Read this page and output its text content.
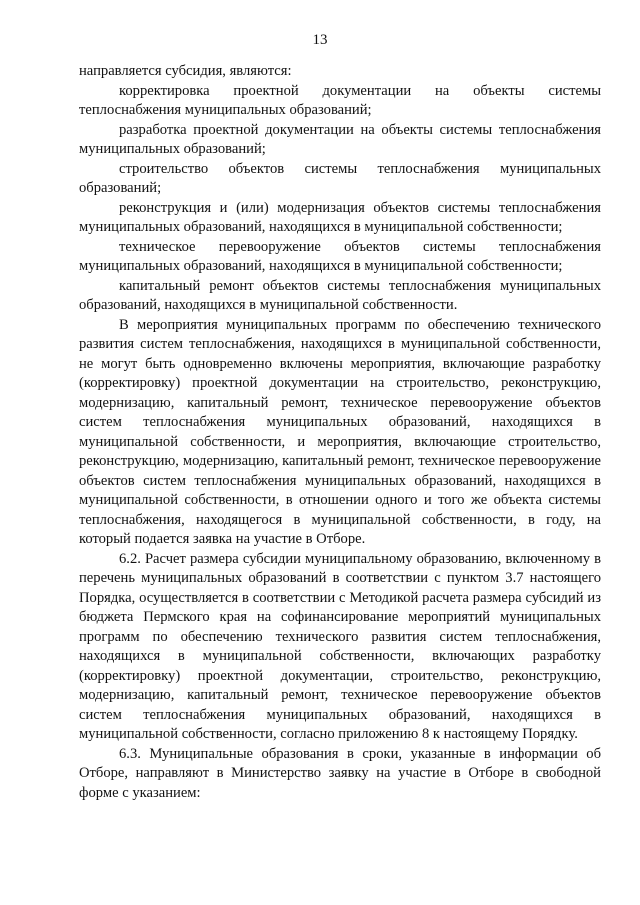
13

направляется субсидия, являются:

корректировка проектной документации на объекты системы теплоснабжения муниципальных образований;

разработка проектной документации на объекты системы теплоснабжения муниципальных образований;

строительство объектов системы теплоснабжения муниципальных образований;

реконструкция и (или) модернизация объектов системы теплоснабжения муниципальных образований, находящихся в муниципальной собственности;

техническое перевооружение объектов системы теплоснабжения муниципальных образований, находящихся в муниципальной собственности;

капитальный ремонт объектов системы теплоснабжения муниципальных образований, находящихся в муниципальной собственности.

В мероприятия муниципальных программ по обеспечению технического развития систем теплоснабжения, находящихся в муниципальной собственности, не могут быть одновременно включены мероприятия, включающие разработку (корректировку) проектной документации на строительство, реконструкцию, модернизацию, капитальный ремонт, техническое перевооружение объектов систем теплоснабжения муниципальных образований, находящихся в муниципальной собственности, и мероприятия, включающие строительство, реконструкцию, модернизацию, капитальный ремонт, техническое перевооружение объектов систем теплоснабжения муниципальных образований, находящихся в муниципальной собственности, в отношении одного и того же объекта системы теплоснабжения, находящегося в муниципальной собственности, в году, на который подается заявка на участие в Отборе.

6.2. Расчет размера субсидии муниципальному образованию, включенному в перечень муниципальных образований в соответствии с пунктом 3.7 настоящего Порядка, осуществляется в соответствии с Методикой расчета размера субсидий из бюджета Пермского края на софинансирование мероприятий муниципальных программ по обеспечению технического развития систем теплоснабжения, находящихся в муниципальной собственности, включающих разработку (корректировку) проектной документации, строительство, реконструкцию, модернизацию, капитальный ремонт, техническое перевооружение объектов систем теплоснабжения муниципальных образований, находящихся в муниципальной собственности, согласно приложению 8 к настоящему Порядку.

6.3. Муниципальные образования в сроки, указанные в информации об Отборе, направляют в Министерство заявку на участие в Отборе в свободной форме с указанием:
